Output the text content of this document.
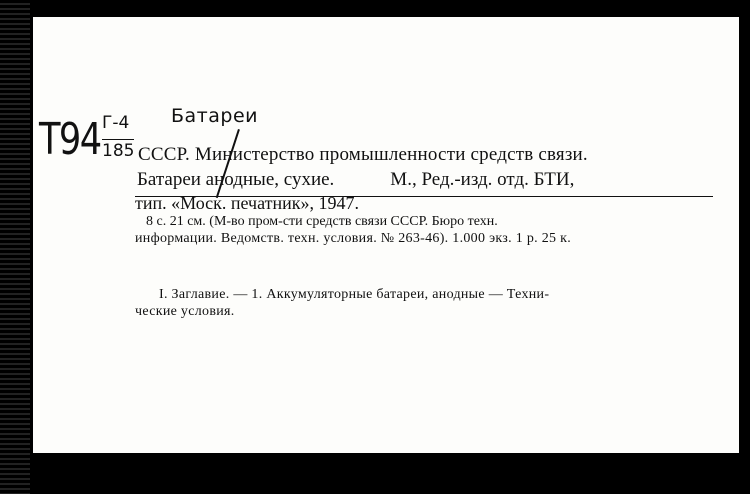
Т94 Г-4
185
Батареи
СССР. Министерство промышленности средств связи.
Батареи анодные, сухие.	М., Ред.-изд. отд. БТИ,
тип. «Моск. печатник», 1947.
8 с. 21 см. (М-во пром-сти средств связи СССР. Бюро техн.
информации. Ведомств. техн. условия. № 263-46). 1.000 экз. 1 р. 25 к.
I. Заглавие. — 1. Аккумуляторные батареи, анодные — Техни-
ческие условия.
